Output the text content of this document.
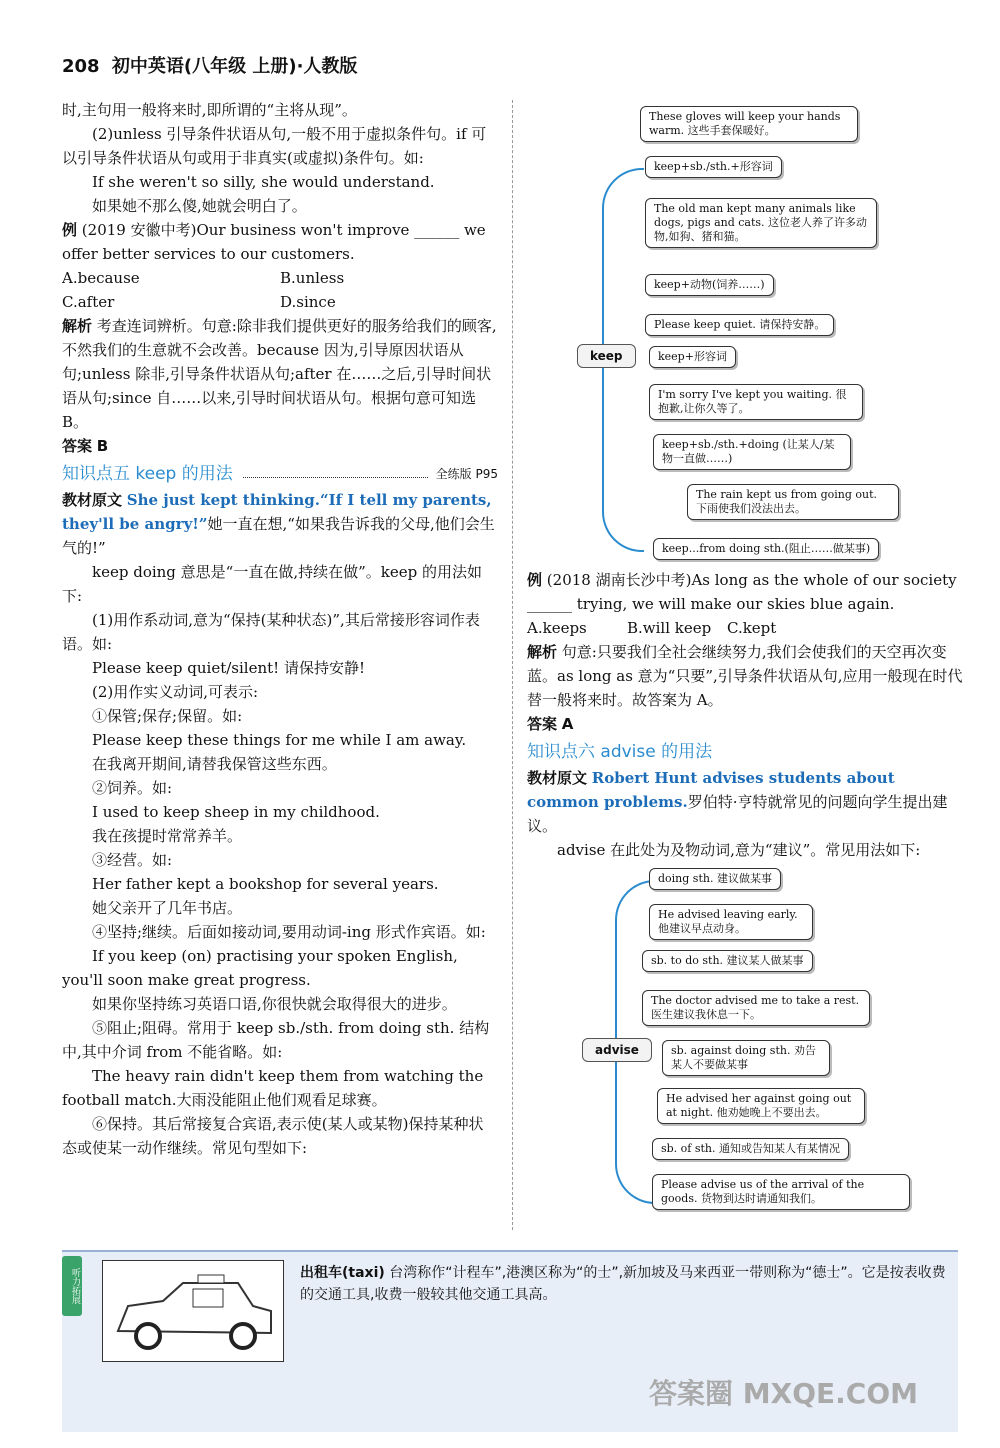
208 初中英语(八年级 上册)·人教版

时,主句用一般将来时,即所谓的“主将从现”。

(2)unless 引导条件状语从句,一般不用于虚拟条件句。if 可以引导条件状语从句或用于非真实(或虚拟)条件句。如:

If she weren't so silly, she would understand.

如果她不那么傻,她就会明白了。

例 (2019 安徽中考)Our business won't improve ______ we offer better services to our customers.

A.because	B.unless
C.after	D.since

解析 考查连词辨析。句意:除非我们提供更好的服务给我们的顾客,不然我们的生意就不会改善。because 因为,引导原因状语从句;unless 除非,引导条件状语从句;after 在……之后,引导时间状语从句;since 自……以来,引导时间状语从句。根据句意可知选 B。

答案 B

知识点五 keep 的用法	全练版 P95

教材原文 She just kept thinking.“If I tell my parents, they'll be angry!”她一直在想,“如果我告诉我的父母,他们会生气的!”

keep doing 意思是“一直在做,持续在做”。keep 的用法如下:

(1)用作系动词,意为“保持(某种状态)”,其后常接形容词作表语。如:

Please keep quiet/silent! 请保持安静!

(2)用作实义动词,可表示:

①保管;保存;保留。如:

Please keep these things for me while I am away.

在我离开期间,请替我保管这些东西。

②饲养。如:

I used to keep sheep in my childhood.

我在孩提时常常养羊。

③经营。如:

Her father kept a bookshop for several years.

她父亲开了几年书店。

④坚持;继续。后面如接动词,要用动词-ing 形式作宾语。如:

If you keep (on) practising your spoken English, you'll soon make great progress.

如果你坚持练习英语口语,你很快就会取得很大的进步。

⑤阻止;阻碍。常用于 keep sb./sth. from doing sth. 结构中,其中介词 from 不能省略。如:

The heavy rain didn't keep them from watching the football match.大雨没能阻止他们观看足球赛。

⑥保持。其后常接复合宾语,表示使(某人或某物)保持某种状态或使某一动作继续。常见句型如下:

keep
These gloves will keep your hands warm. 这些手套保暖好。
keep+sb./sth.+形容词
The old man kept many animals like dogs, pigs and cats. 这位老人养了许多动物,如狗、猪和猫。
keep+动物(饲养……)
Please keep quiet. 请保持安静。
keep+形容词
I'm sorry I've kept you waiting. 很抱歉,让你久等了。
keep+sb./sth.+doing (让某人/某物一直做……)
The rain kept us from going out. 下雨使我们没法出去。
keep...from doing sth.(阻止……做某事)

例 (2018 湖南长沙中考)As long as the whole of our society ______ trying, we will make our skies blue again.

A.keeps	B.will keep	C.kept

解析 句意:只要我们全社会继续努力,我们会使我们的天空再次变蓝。as long as 意为“只要”,引导条件状语从句,应用一般现在时代替一般将来时。故答案为 A。

答案 A

知识点六 advise 的用法

教材原文 Robert Hunt advises students about common problems.罗伯特·亨特就常见的问题向学生提出建议。

advise 在此处为及物动词,意为“建议”。常见用法如下:

advise
doing sth. 建议做某事
He advised leaving early. 他建议早点动身。
sb. to do sth. 建议某人做某事
The doctor advised me to take a rest. 医生建议我休息一下。
sb. against doing sth. 劝告某人不要做某事
He advised her against going out at night. 他劝她晚上不要出去。
sb. of sth. 通知或告知某人有某情况
Please advise us of the arrival of the goods. 货物到达时请通知我们。
听力拓展	出租车(taxi) 台湾称作“计程车”,港澳区称为“的士”,新加坡及马来西亚一带则称为“德士”。它是按表收费的交通工具,收费一般较其他交通工具高。
答案圈 MXQE.COM
